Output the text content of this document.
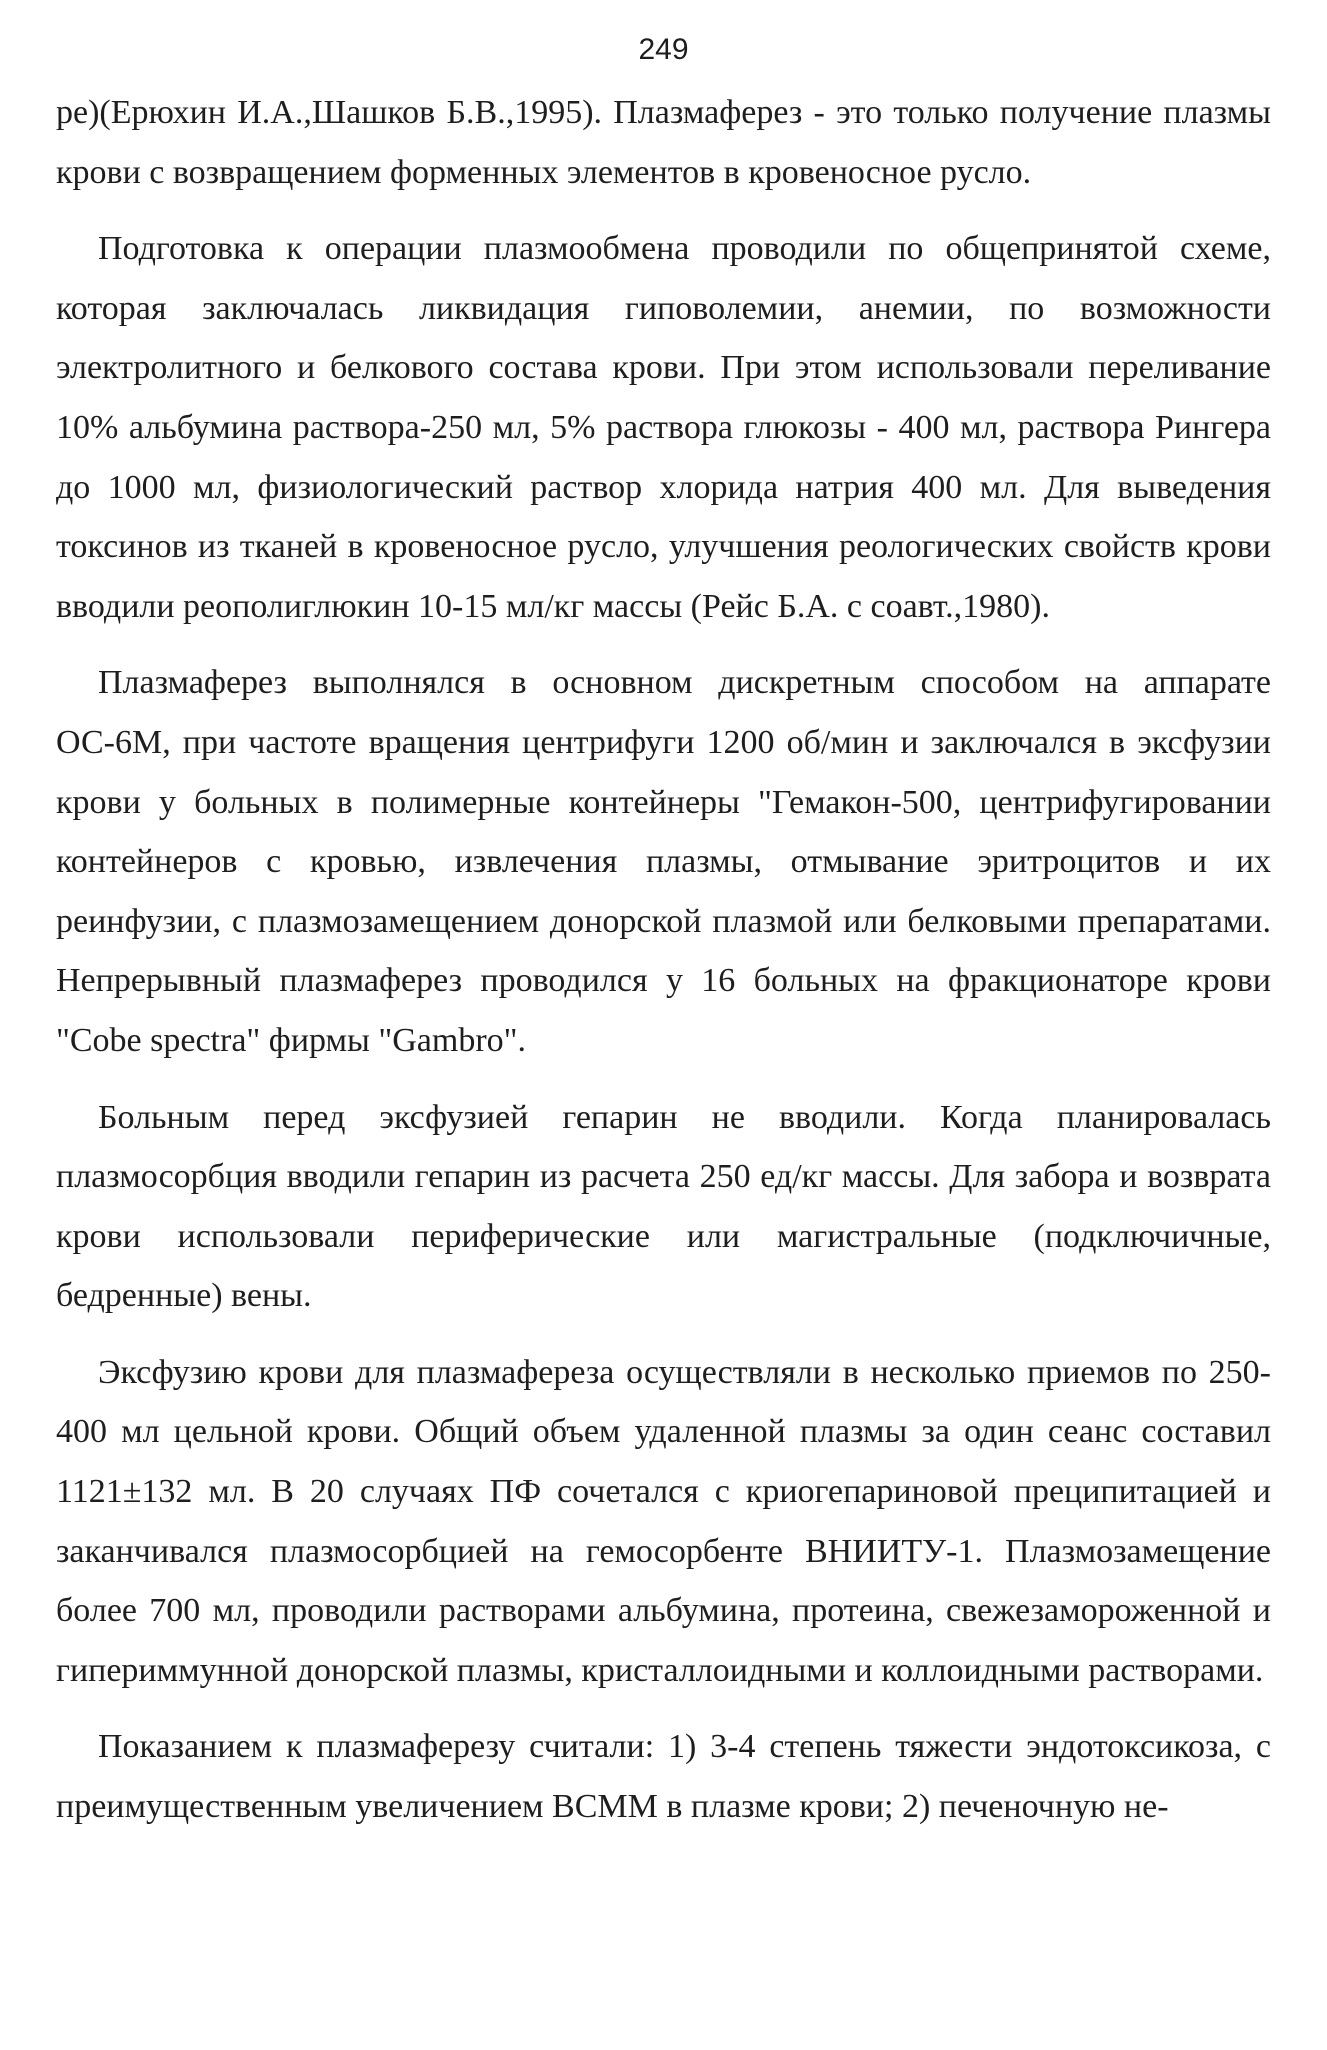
249

ре)(Ерюхин И.А.,Шашков Б.В.,1995). Плазмаферез - это только получение плазмы крови с возвращением форменных элементов в кровеносное русло.

Подготовка к операции плазмообмена проводили по общепринятой схеме, которая заключалась ликвидация гиповолемии, анемии, по возможности электролитного и белкового состава крови. При этом использовали переливание 10% альбумина раствора-250 мл, 5% раствора глюкозы - 400 мл, раствора Рингера до 1000 мл, физиологический раствор хлорида натрия 400 мл. Для выведения токсинов из тканей в кровеносное русло, улучшения реологических свойств крови вводили реополиглюкин 10-15 мл/кг массы (Рейс Б.А. с соавт.,1980).

Плазмаферез выполнялся в основном дискретным способом на аппарате ОС-6М, при частоте вращения центрифуги 1200 об/мин и заключался в эксфузии крови у больных в полимерные контейнеры "Гемакон-500, центрифугировании контейнеров с кровью, извлечения плазмы, отмывание эритроцитов и их реинфузии, с плазмозамещением донорской плазмой или белковыми препаратами. Непрерывный плазмаферез проводился у 16 больных на фракционаторе крови "Cobe spectra" фирмы "Gambro".

Больным перед эксфузией гепарин не вводили. Когда планировалась плазмосорбция вводили гепарин из расчета 250 ед/кг массы. Для забора и возврата крови использовали периферические или магистральные (подключичные, бедренные) вены.

Эксфузию крови для плазмафереза осуществляли в несколько приемов по 250-400 мл цельной крови. Общий объем удаленной плазмы за один сеанс составил 1121±132 мл. В 20 случаях ПФ сочетался с криогепариновой преципитацией и заканчивался плазмосорбцией на гемосорбенте ВНИИТУ-1. Плазмозамещение более 700 мл, проводили растворами альбумина, протеина, свежезамороженной и гипериммунной донорской плазмы, кристаллоидными и коллоидными растворами.

Показанием к плазмаферезу считали: 1) 3-4 степень тяжести эндотоксикоза, с преимущественным увеличением ВСММ в плазме крови; 2) печеночную не-
